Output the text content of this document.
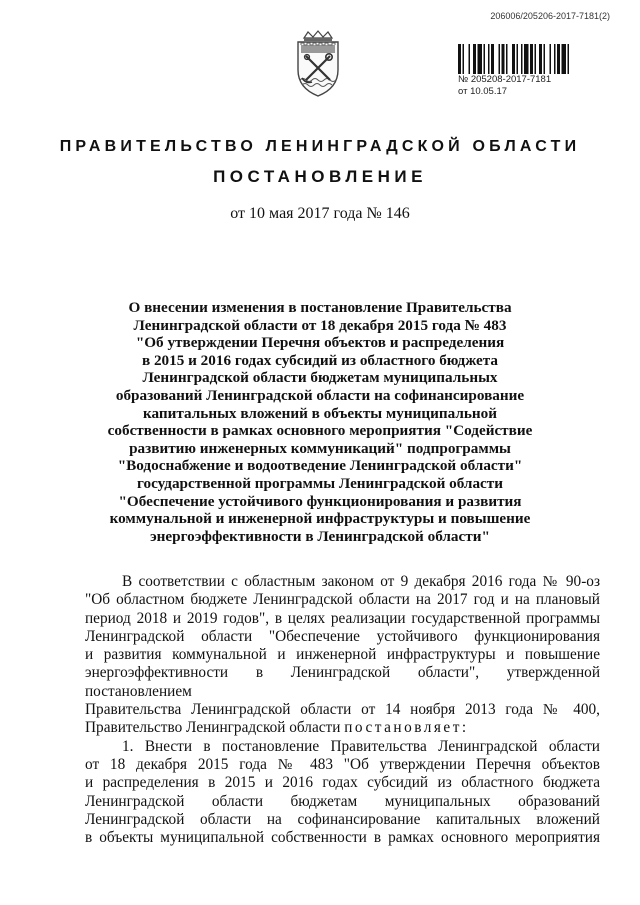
206006/205206-2017-7181(2)
№ 205208-2017-7181
от 10.05.17
ПРАВИТЕЛЬСТВО ЛЕНИНГРАДСКОЙ ОБЛАСТИ
ПОСТАНОВЛЕНИЕ
от 10 мая 2017 года № 146
О внесении изменения в постановление Правительства
Ленинградской области от 18 декабря 2015 года № 483
"Об утверждении Перечня объектов и распределения
в 2015 и 2016 годах субсидий из областного бюджета
Ленинградской области бюджетам муниципальных
образований Ленинградской области на софинансирование
капитальных вложений в объекты муниципальной
собственности в рамках основного мероприятия "Содействие
развитию инженерных коммуникаций" подпрограммы
"Водоснабжение и водоотведение Ленинградской области"
государственной программы Ленинградской области
"Обеспечение устойчивого функционирования и развития
коммунальной и инженерной инфраструктуры и повышение
энергоэффективности в Ленинградской области"
В соответствии с областным законом от 9 декабря 2016 года № 90-оз
"Об областном бюджете Ленинградской области на 2017 год и на плановый
период 2018 и 2019 годов", в целях реализации государственной программы
Ленинградской области "Обеспечение устойчивого функционирования
и развития коммунальной и инженерной инфраструктуры и повышение
энергоэффективности в Ленинградской области", утвержденной постановлением
Правительства Ленинградской области от 14 ноября 2013 года № 400,
Правительство Ленинградской области постановляет:
1. Внести в постановление Правительства Ленинградской области
от 18 декабря 2015 года № 483 "Об утверждении Перечня объектов
и распределения в 2015 и 2016 годах субсидий из областного бюджета
Ленинградской области бюджетам муниципальных образований
Ленинградской области на софинансирование капитальных вложений
в объекты муниципальной собственности в рамках основного мероприятия
